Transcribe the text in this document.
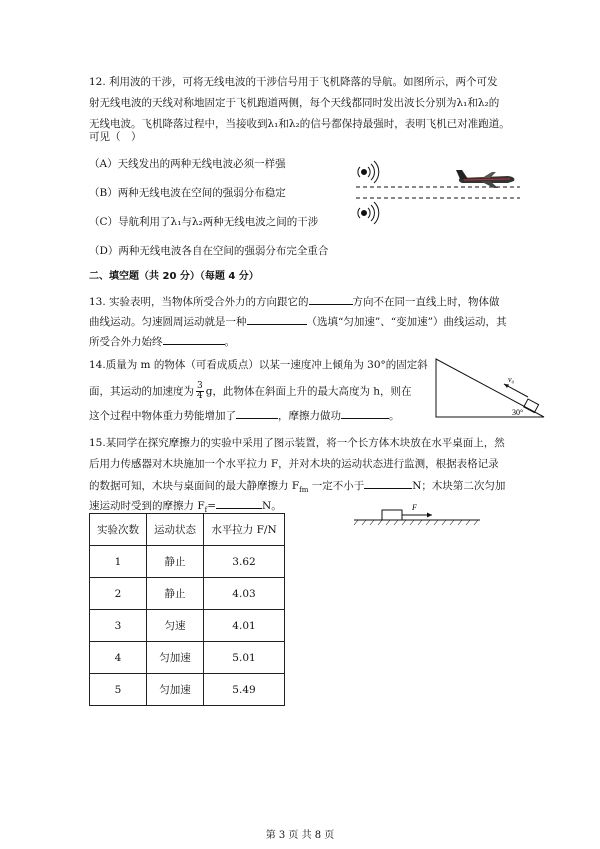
12. 利用波的干涉，可将无线电波的干涉信号用于飞机降落的导航。如图所示，两个可发
射无线电波的天线对称地固定于飞机跑道两侧，每个天线都同时发出波长分别为λ₁和λ₂的
无线电波。飞机降落过程中，当接收到λ₁和λ₂的信号都保持最强时，表明飞机已对准跑道。
可见（　）
（A）天线发出的两种无线电波必须一样强
（B）两种无线电波在空间的强弱分布稳定
（C）导航利用了λ₁与λ₂两种无线电波之间的干涉
（D）两种无线电波各自在空间的强弱分布完全重合
二、填空题（共 20 分）（每题 4 分）
13. 实验表明，当物体所受合外力的方向跟它的	方向不在同一直线上时，物体做
曲线运动。匀速圆周运动就是一种	（选填“匀加速”、“变加速”）曲线运动，其
所受合外力始终	。
14.质量为 m 的物体（可看成质点）以某一速度冲上倾角为 30°的固定斜
面，其运动的加速度为 $\frac{3}{4}$ g，此物体在斜面上升的最大高度为 h，则在
这个过程中物体重力势能增加了	，摩擦力做功	。
v₀
30°
15.某同学在探究摩擦力的实验中采用了图示装置，将一个长方体木块放在水平桌面上，然
后用力传感器对木块施加一个水平拉力 F，并对木块的运动状态进行监测，根据表格记录
的数据可知，木块与桌面间的最大静摩擦力 $F_{fm}$ 一定不小于	N；木块第二次匀加
速运动时受到的摩擦力 $F_f=$	N。	F
实验次数	运动状态	水平拉力 F/N
1	静止	3.62
2	静止	4.03
3	匀速	4.01
4	匀加速	5.01
5	匀加速	5.49
第 3 页 共 8 页
